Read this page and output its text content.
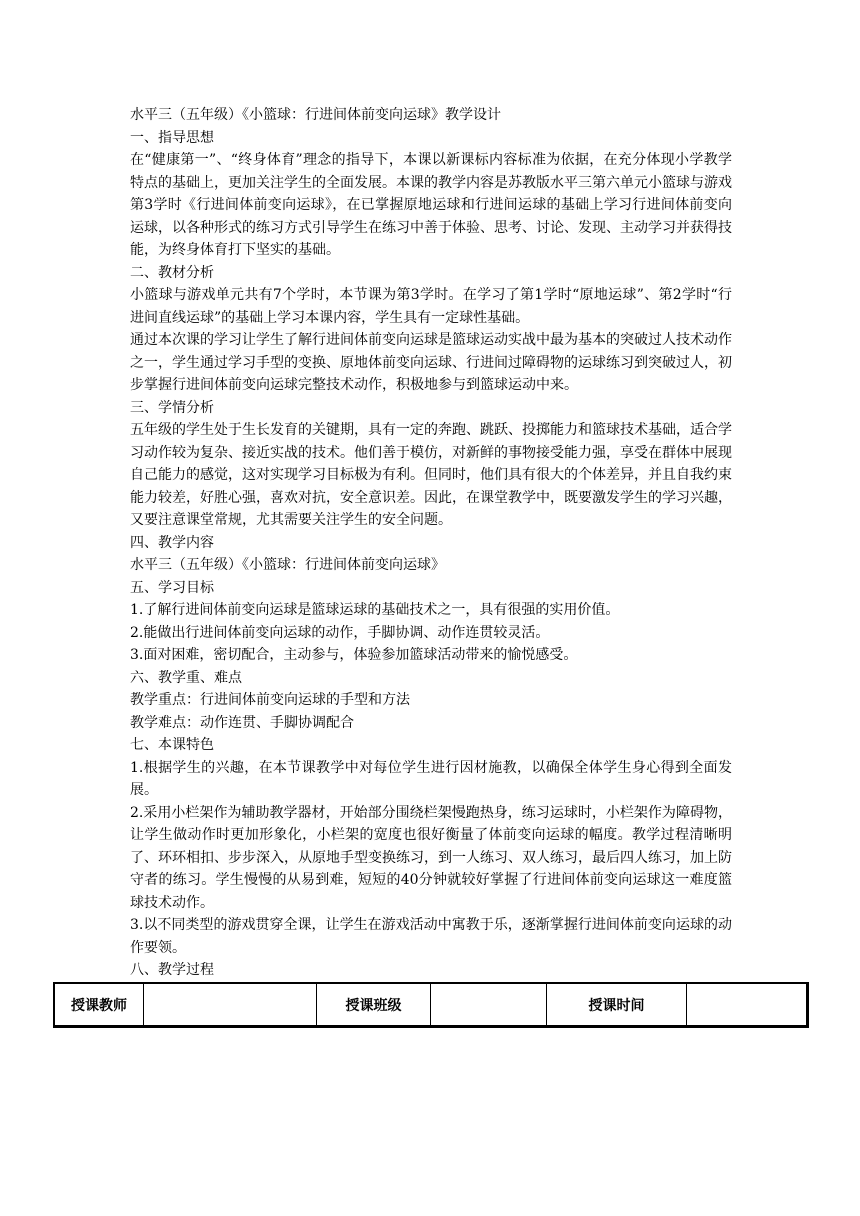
水平三（五年级）《小篮球：行进间体前变向运球》教学设计

一、指导思想

在“健康第一”、“终身体育”理念的指导下，本课以新课标内容标准为依据，在充分体现小学教学特点的基础上，更加关注学生的全面发展。本课的教学内容是苏教版水平三第六单元小篮球与游戏第3学时《行进间体前变向运球》，在已掌握原地运球和行进间运球的基础上学习行进间体前变向运球，以各种形式的练习方式引导学生在练习中善于体验、思考、讨论、发现、主动学习并获得技能，为终身体育打下坚实的基础。

二、教材分析

小篮球与游戏单元共有7个学时，本节课为第3学时。在学习了第1学时“原地运球”、第2学时“行进间直线运球”的基础上学习本课内容，学生具有一定球性基础。

通过本次课的学习让学生了解行进间体前变向运球是篮球运动实战中最为基本的突破过人技术动作之一，学生通过学习手型的变换、原地体前变向运球、行进间过障碍物的运球练习到突破过人，初步掌握行进间体前变向运球完整技术动作，积极地参与到篮球运动中来。

三、学情分析

五年级的学生处于生长发育的关键期，具有一定的奔跑、跳跃、投掷能力和篮球技术基础，适合学习动作较为复杂、接近实战的技术。他们善于模仿，对新鲜的事物接受能力强，享受在群体中展现自己能力的感觉，这对实现学习目标极为有利。但同时，他们具有很大的个体差异，并且自我约束能力较差，好胜心强，喜欢对抗，安全意识差。因此，在课堂教学中，既要激发学生的学习兴趣，又要注意课堂常规，尤其需要关注学生的安全问题。

四、教学内容

水平三（五年级）《小篮球：行进间体前变向运球》

五、学习目标

1.了解行进间体前变向运球是篮球运球的基础技术之一，具有很强的实用价值。

2.能做出行进间体前变向运球的动作，手脚协调、动作连贯较灵活。

3.面对困难，密切配合，主动参与，体验参加篮球活动带来的愉悦感受。

六、教学重、难点

教学重点：行进间体前变向运球的手型和方法

教学难点：动作连贯、手脚协调配合

七、本课特色

1.根据学生的兴趣，在本节课教学中对每位学生进行因材施教，以确保全体学生身心得到全面发展。

2.采用小栏架作为辅助教学器材，开始部分围绕栏架慢跑热身，练习运球时，小栏架作为障碍物，让学生做动作时更加形象化，小栏架的宽度也很好衡量了体前变向运球的幅度。教学过程清晰明了、环环相扣、步步深入，从原地手型变换练习，到一人练习、双人练习，最后四人练习，加上防守者的练习。学生慢慢的从易到难，短短的40分钟就较好掌握了行进间体前变向运球这一难度篮球技术动作。

3.以不同类型的游戏贯穿全课，让学生在游戏活动中寓教于乐，逐渐掌握行进间体前变向运球的动作要领。

八、教学过程

授课教师		授课班级		授课时间	
